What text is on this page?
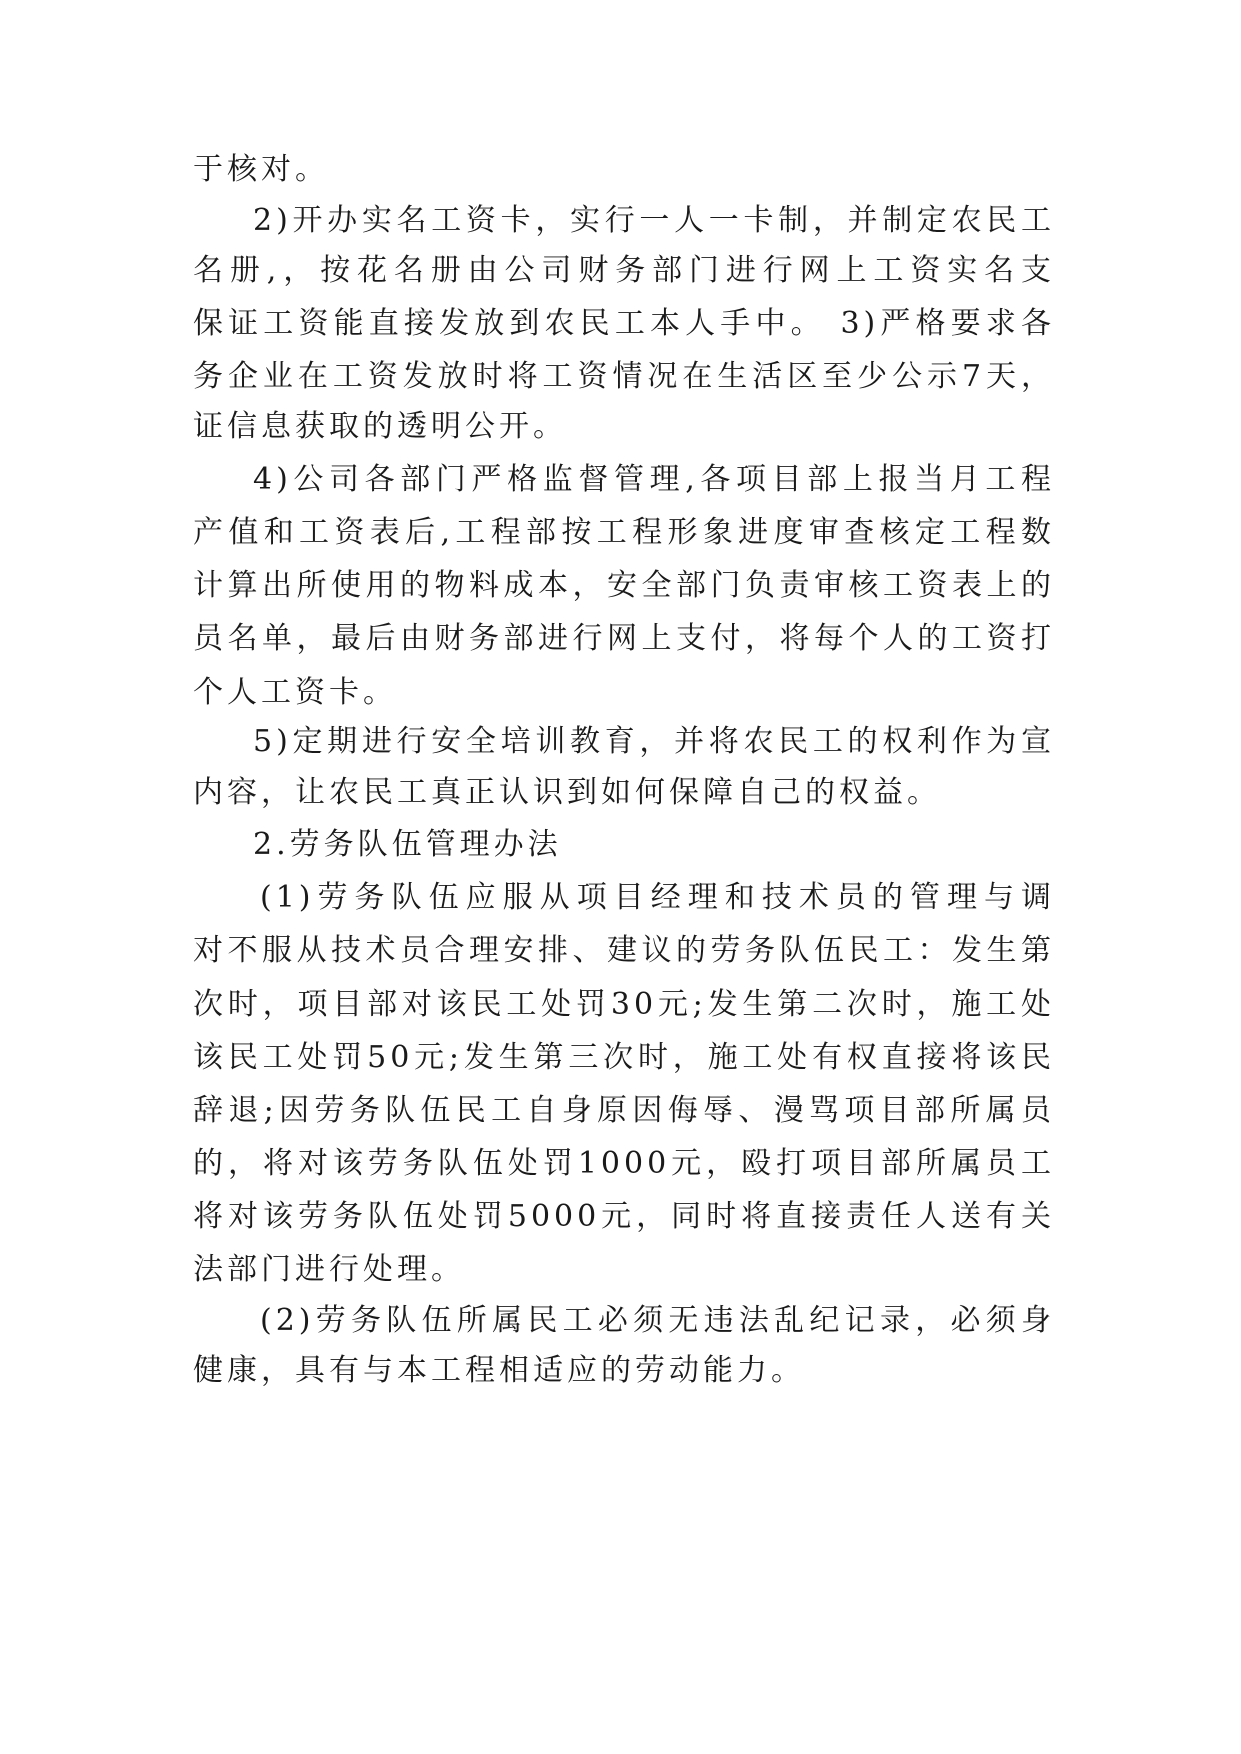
于核对。
2)开办实名工资卡，实行一人一卡制，并制定农民工
名册,，按花名册由公司财务部门进行网上工资实名支
保证工资能直接发放到农民工本人手中。 3)严格要求各
务企业在工资发放时将工资情况在生活区至少公示7天，
证信息获取的透明公开。
4)公司各部门严格监督管理,各项目部上报当月工程
产值和工资表后,工程部按工程形象进度审查核定工程数
计算出所使用的物料成本，安全部门负责审核工资表上的
员名单，最后由财务部进行网上支付，将每个人的工资打
个人工资卡。
5)定期进行安全培训教育，并将农民工的权利作为宣
内容，让农民工真正认识到如何保障自己的权益。
2.劳务队伍管理办法
(1)劳务队伍应服从项目经理和技术员的管理与调
对不服从技术员合理安排、建议的劳务队伍民工：发生第
次时，项目部对该民工处罚30元;发生第二次时，施工处
该民工处罚50元;发生第三次时，施工处有权直接将该民
辞退;因劳务队伍民工自身原因侮辱、漫骂项目部所属员
的，将对该劳务队伍处罚1000元，殴打项目部所属员工
将对该劳务队伍处罚5000元，同时将直接责任人送有关
法部门进行处理。
(2)劳务队伍所属民工必须无违法乱纪记录，必须身
健康，具有与本工程相适应的劳动能力。
